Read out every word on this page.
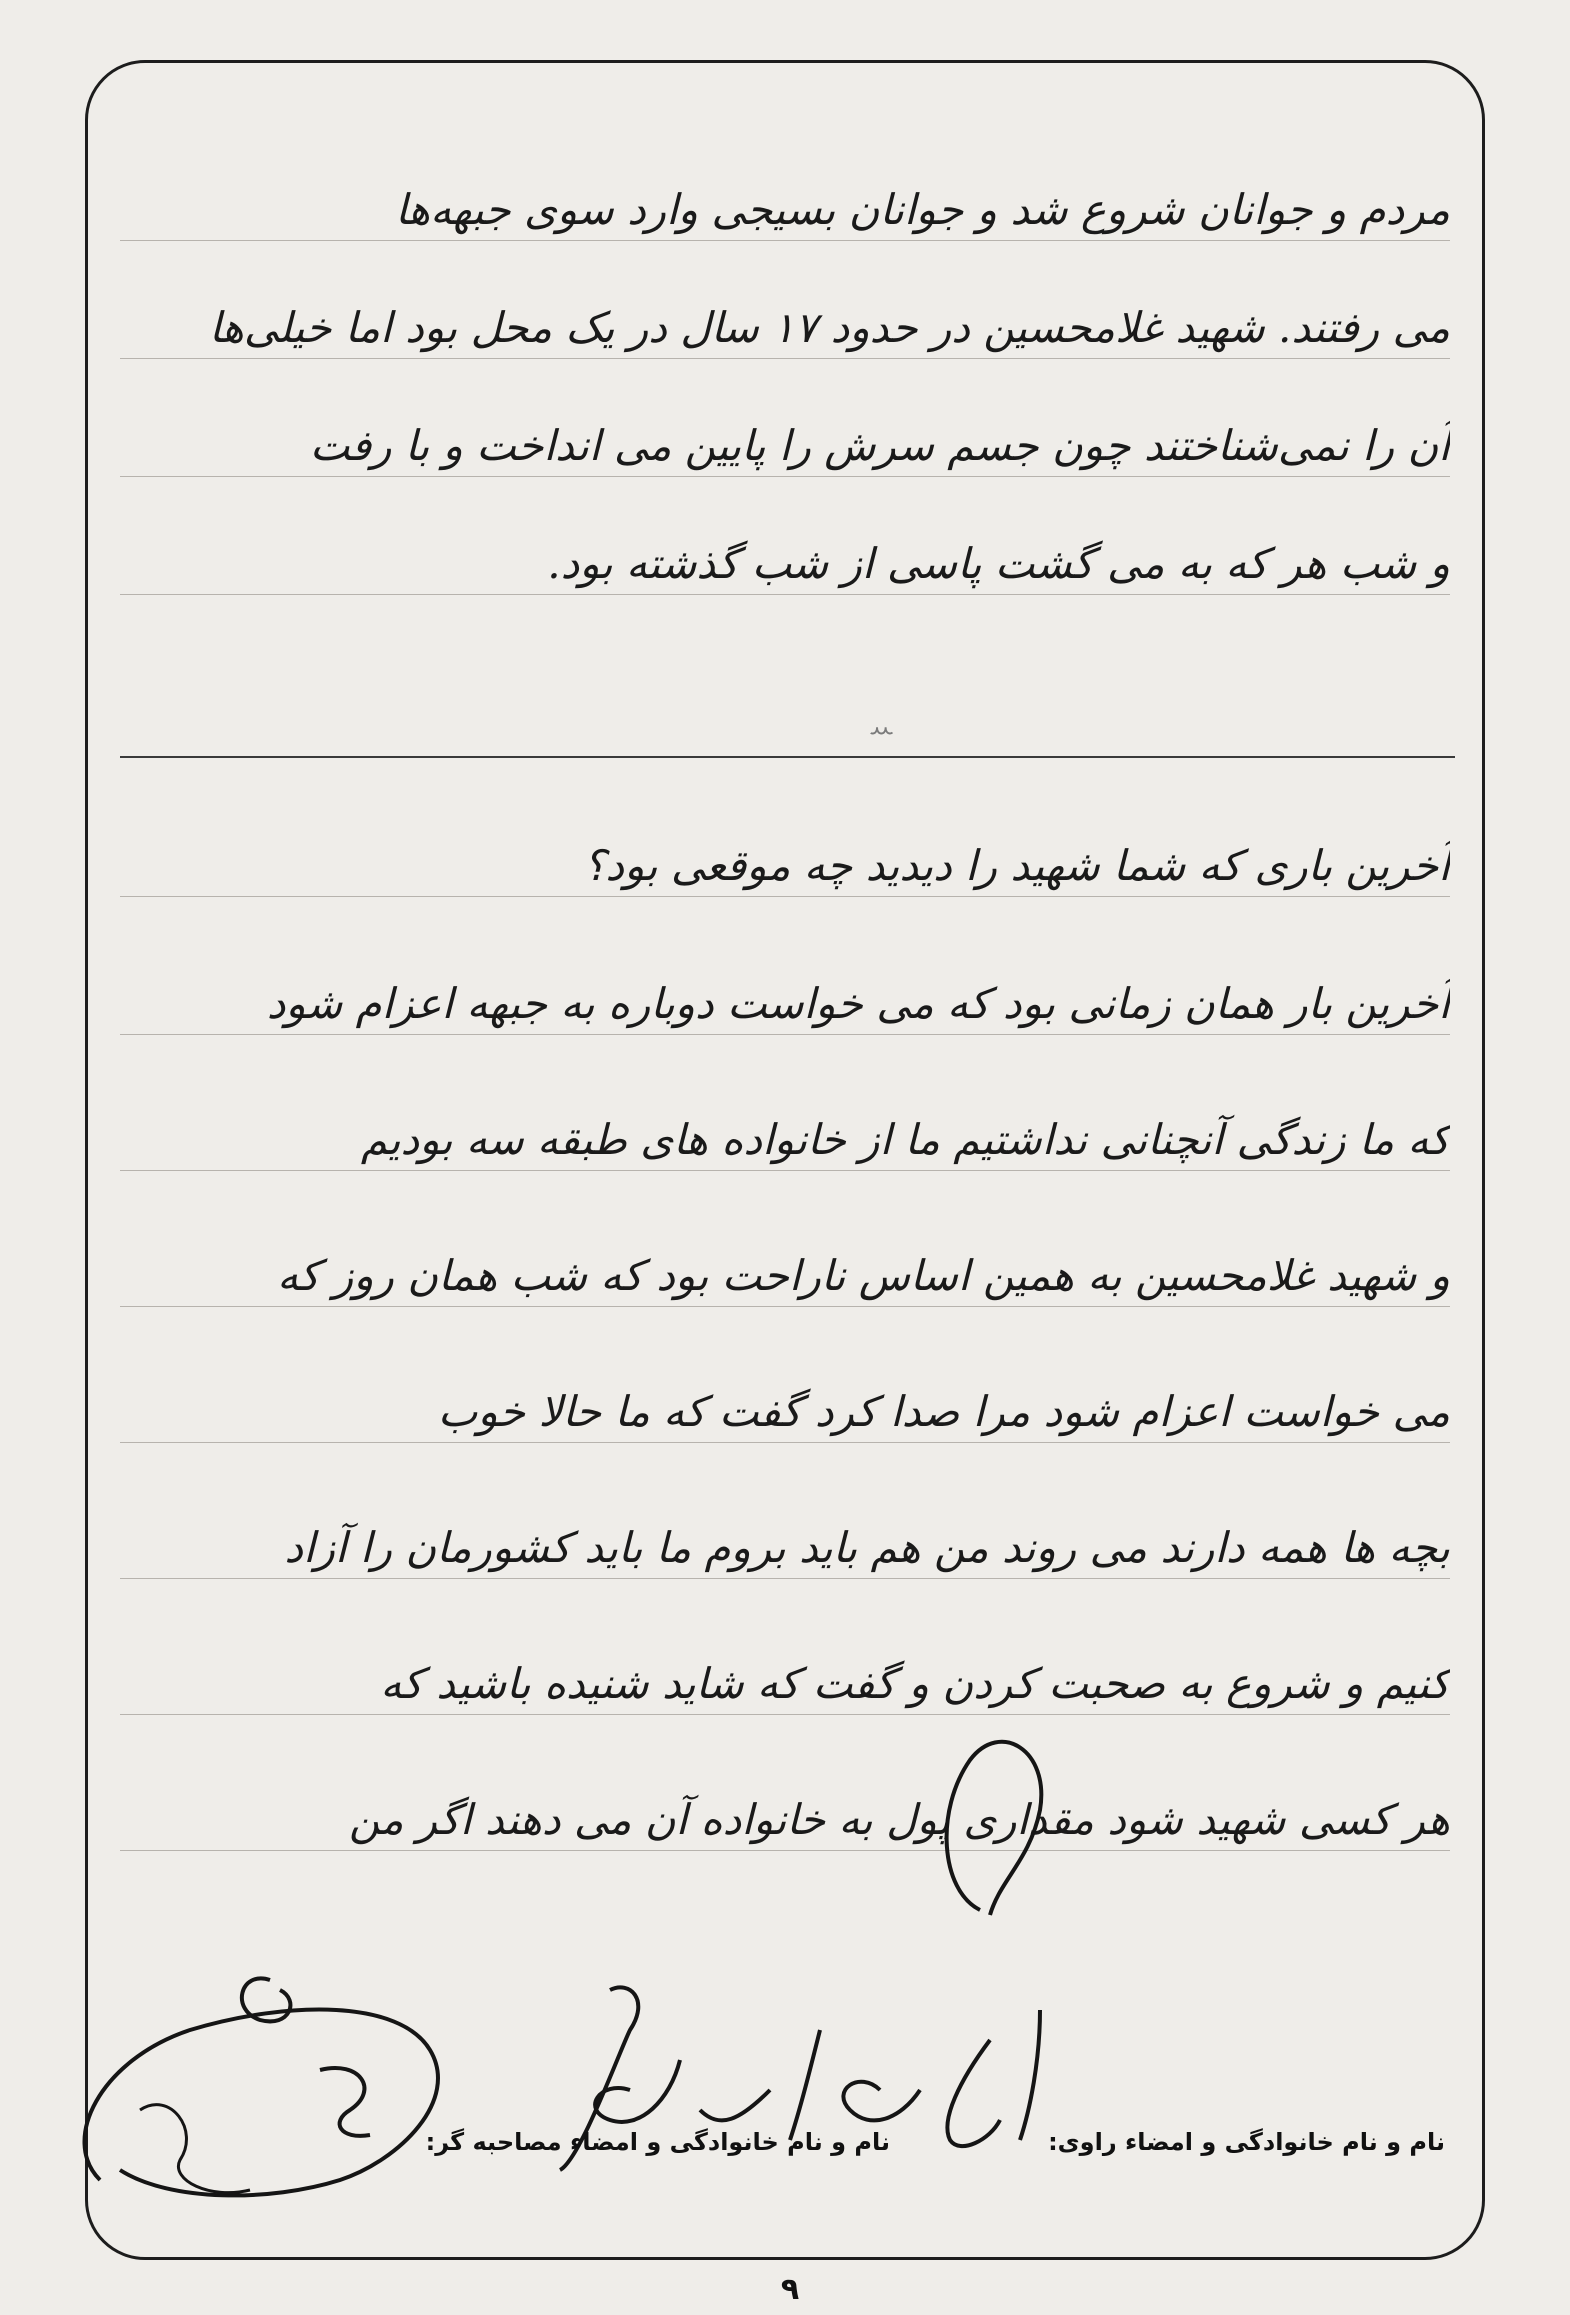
مردم و جوانان شروع شد و جوانان بسیجی وارد سوی جبهه‌ها
می رفتند. شهید غلامحسین در حدود ۱۷ سال در یک محل بود اما خیلی‌ها
آن را نمی‌شناختند چون جسم سرش را پایین می انداخت و با رفت
و شب هر که به می گشت پاسی از شب گذشته بود.
ꕀ
آخرین باری که شما شهید را دیدید چه موقعی بود؟
آخرین بار همان زمانی بود که می خواست دوباره به جبهه اعزام شود
که ما زندگی آنچنانی نداشتیم ما از خانواده های طبقه سه بودیم
و شهید غلامحسین به همین اساس ناراحت بود که شب همان روز که
می خواست اعزام شود مرا صدا کرد گفت که ما حالا خوب
بچه ها همه دارند می روند من هم باید بروم ما باید کشورمان را آزاد
کنیم و شروع به صحبت کردن و گفت که شاید شنیده باشید که
هر کسی شهید شود مقداری پول به خانواده آن می دهند اگر من
نام و نام خانوادگی و امضاء راوی:
نام و نام خانوادگی و امضاء مصاحبه گر:
۹
